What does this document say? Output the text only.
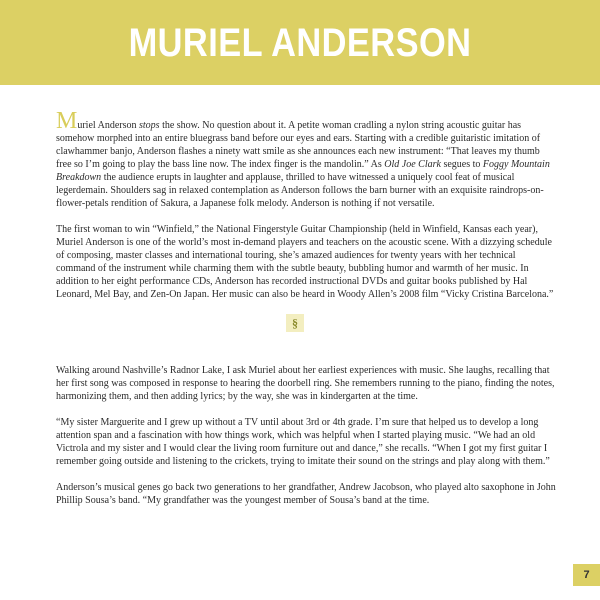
MURIEL ANDERSON

Muriel Anderson stops the show. No question about it. A petite woman cradling a nylon string acoustic guitar has somehow morphed into an entire bluegrass band before our eyes and ears. Starting with a credible guitaristic imitation of clawhammer banjo, Anderson flashes a ninety watt smile as she announces each new instrument: “That leaves my thumb free so I’m going to play the bass line now. The index finger is the mandolin.” As Old Joe Clark segues to Foggy Mountain Breakdown the audience erupts in laughter and applause, thrilled to have witnessed a uniquely cool feat of musical legerdemain. Shoulders sag in relaxed contemplation as Anderson follows the barn burner with an exquisite raindrops-on-flower-petals rendition of Sakura, a Japanese folk melody. Anderson is nothing if not versatile.

The first woman to win “Winfield,” the National Fingerstyle Guitar Championship (held in Winfield, Kansas each year), Muriel Anderson is one of the world’s most in-demand players and teachers on the acoustic scene. With a dizzying schedule of composing, master classes and international touring, she’s amazed audiences for twenty years with her technical command of the instrument while charming them with the subtle beauty, bubbling humor and warmth of her music. In addition to her eight performance CDs, Anderson has recorded instructional DVDs and guitar books published by Hal Leonard, Mel Bay, and Zen-On Japan. Her music can also be heard in Woody Allen’s 2008 film “Vicky Cristina Barcelona.”

§

Walking around Nashville’s Radnor Lake, I ask Muriel about her earliest experiences with music. She laughs, recalling that her first song was composed in response to hearing the doorbell ring. She remembers running to the piano, finding the notes, harmonizing them, and then adding lyrics; by the way, she was in kindergarten at the time.

“My sister Marguerite and I grew up without a TV until about 3rd or 4th grade. I’m sure that helped us to develop a long attention span and a fascination with how things work, which was helpful when I started playing music. “We had an old Victrola and my sister and I would clear the living room furniture out and dance,” she recalls. “When I got my first guitar I remember going outside and listening to the crickets, trying to imitate their sound on the strings and play along with them.”

Anderson’s musical genes go back two generations to her grandfather, Andrew Jacobson, who played alto saxophone in John Phillip Sousa’s band. “My grandfather was the youngest member of Sousa’s band at the time.

7
